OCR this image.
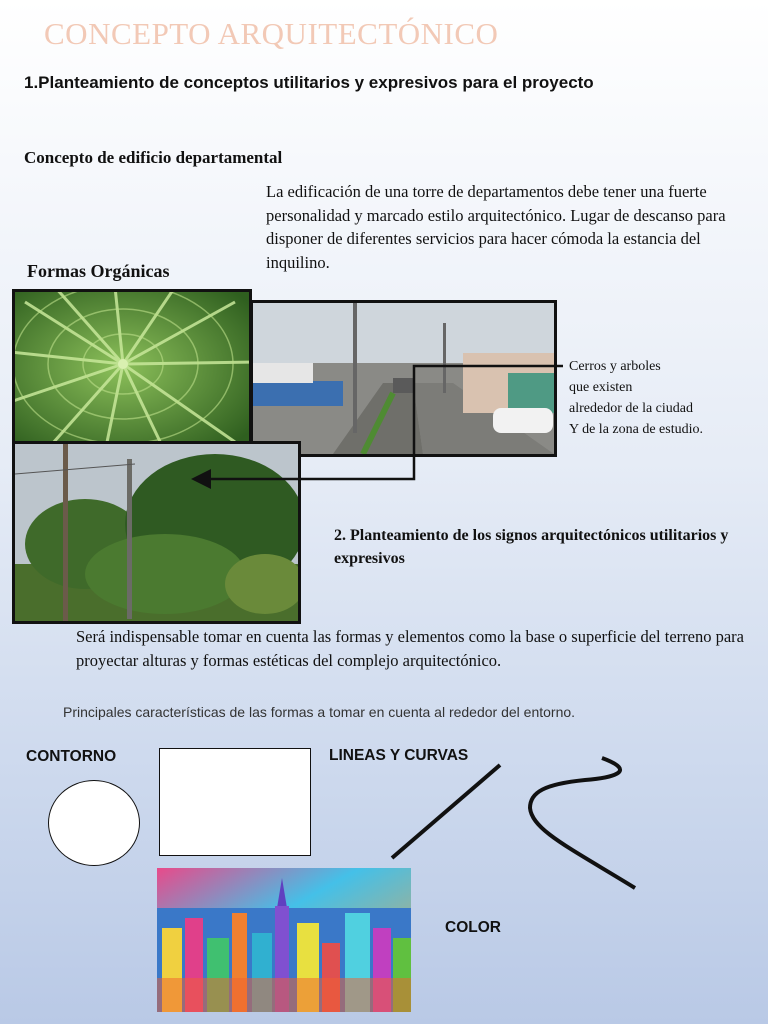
CONCEPTO ARQUITECTÓNICO
1.Planteamiento de conceptos utilitarios y expresivos para el proyecto
Concepto de edificio departamental
La edificación de una torre de departamentos debe tener una fuerte personalidad y marcado estilo arquitectónico. Lugar de descanso para disponer de diferentes servicios para hacer cómoda la estancia del inquilino.
Formas Orgánicas
Cerros y arboles
que existen
alrededor de la ciudad
Y de la zona de estudio.
2. Planteamiento de los signos arquitectónicos utilitarios y expresivos
Será indispensable tomar en cuenta las formas y elementos como la base o superficie del terreno para proyectar alturas y formas estéticas del complejo arquitectónico.
Principales características de las formas a tomar en cuenta al rededor del entorno.
CONTORNO	LINEAS Y CURVAS
COLOR
